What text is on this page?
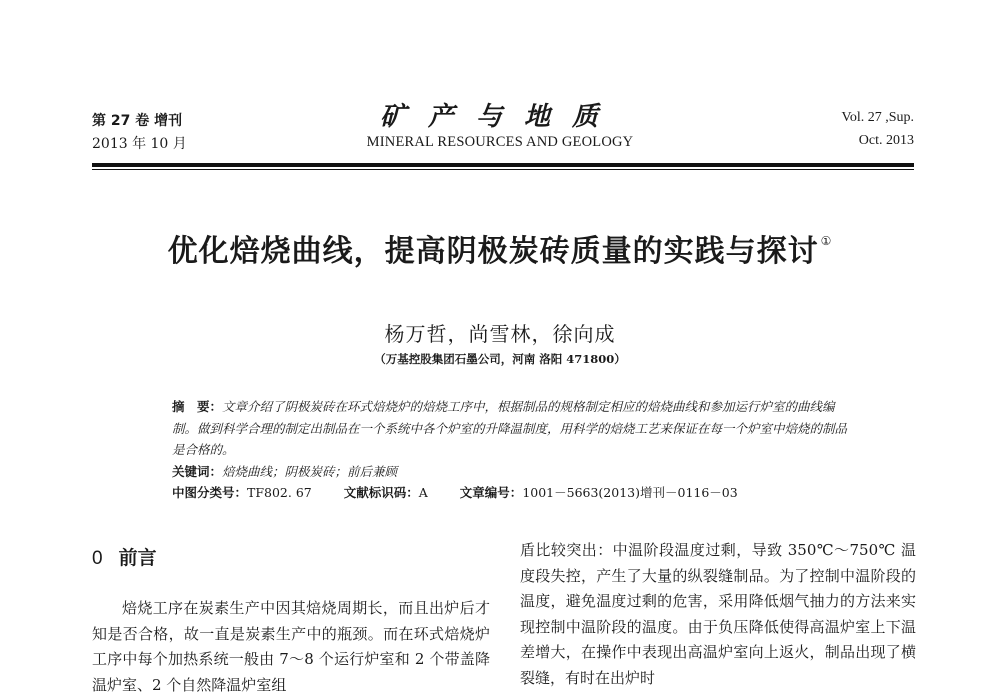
第 27 卷 增刊
2013 年 10 月
矿产与地质
MINERAL RESOURCES AND GEOLOGY
Vol. 27 ,Sup.
Oct. 2013
优化焙烧曲线，提高阴极炭砖质量的实践与探讨 ①
杨万哲，尚雪林，徐向成
（万基控股集团石墨公司，河南 洛阳 471800）

摘　要：文章介绍了阴极炭砖在环式焙烧炉的焙烧工序中，根据制品的规格制定相应的焙烧曲线和参加运行炉室的曲线编制。做到科学合理的制定出制品在一个系统中各个炉室的升降温制度，用科学的焙烧工艺来保证在每一个炉室中焙烧的制品是合格的。

关键词：焙烧曲线；阴极炭砖；前后兼顾

中图分类号：TF802. 67	文献标识码：A	文章编号：1001－5663(2013)增刊－0116－03

0 前言

焙烧工序在炭素生产中因其焙烧周期长，而且出炉后才知是否合格，故一直是炭素生产中的瓶颈。而在环式焙烧炉工序中每个加热系统一般由 7～8 个运行炉室和 2 个带盖降温炉室、2 个自然降温炉室组

盾比较突出：中温阶段温度过剩，导致 350℃～750℃ 温度段失控，产生了大量的纵裂缝制品。为了控制中温阶段的温度，避免温度过剩的危害，采用降低烟气抽力的方法来实现控制中温阶段的温度。由于负压降低使得高温炉室上下温差增大，在操作中表现出高温炉室向上返火，制品出现了横裂缝，有时在出炉时
